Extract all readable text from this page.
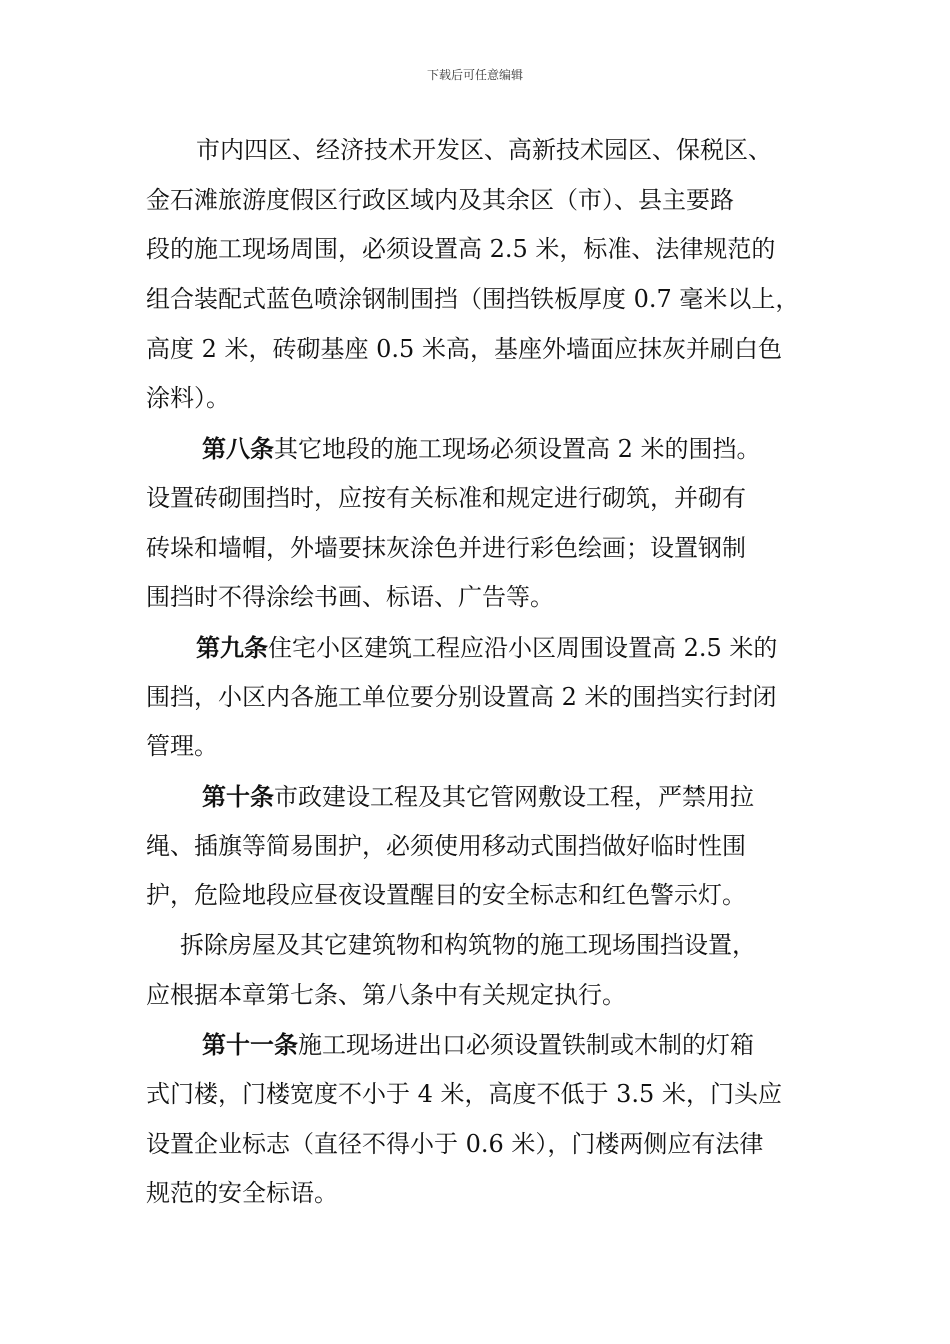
下载后可任意编辑
市内四区、经济技术开发区、高新技术园区、保税区、
金石滩旅游度假区行政区域内及其余区（市）、县主要路
段的施工现场周围，必须设置高 2.5 米，标准、法律规范的
组合装配式蓝色喷涂钢制围挡（围挡铁板厚度 0.7 毫米以上，
高度 2 米，砖砌基座 0.5 米高，基座外墙面应抹灰并刷白色
涂料）。
第八条其它地段的施工现场必须设置高 2 米的围挡。
设置砖砌围挡时，应按有关标准和规定进行砌筑，并砌有
砖垛和墙帽，外墙要抹灰涂色并进行彩色绘画；设置钢制
围挡时不得涂绘书画、标语、广告等。
第九条住宅小区建筑工程应沿小区周围设置高 2.5 米的
围挡，小区内各施工单位要分别设置高 2 米的围挡实行封闭
管理。
第十条市政建设工程及其它管网敷设工程，严禁用拉
绳、插旗等简易围护，必须使用移动式围挡做好临时性围
护，危险地段应昼夜设置醒目的安全标志和红色警示灯。
拆除房屋及其它建筑物和构筑物的施工现场围挡设置，
应根据本章第七条、第八条中有关规定执行。
第十一条施工现场进出口必须设置铁制或木制的灯箱
式门楼，门楼宽度不小于 4 米，高度不低于 3.5 米，门头应
设置企业标志（直径不得小于 0.6 米），门楼两侧应有法律
规范的安全标语。
